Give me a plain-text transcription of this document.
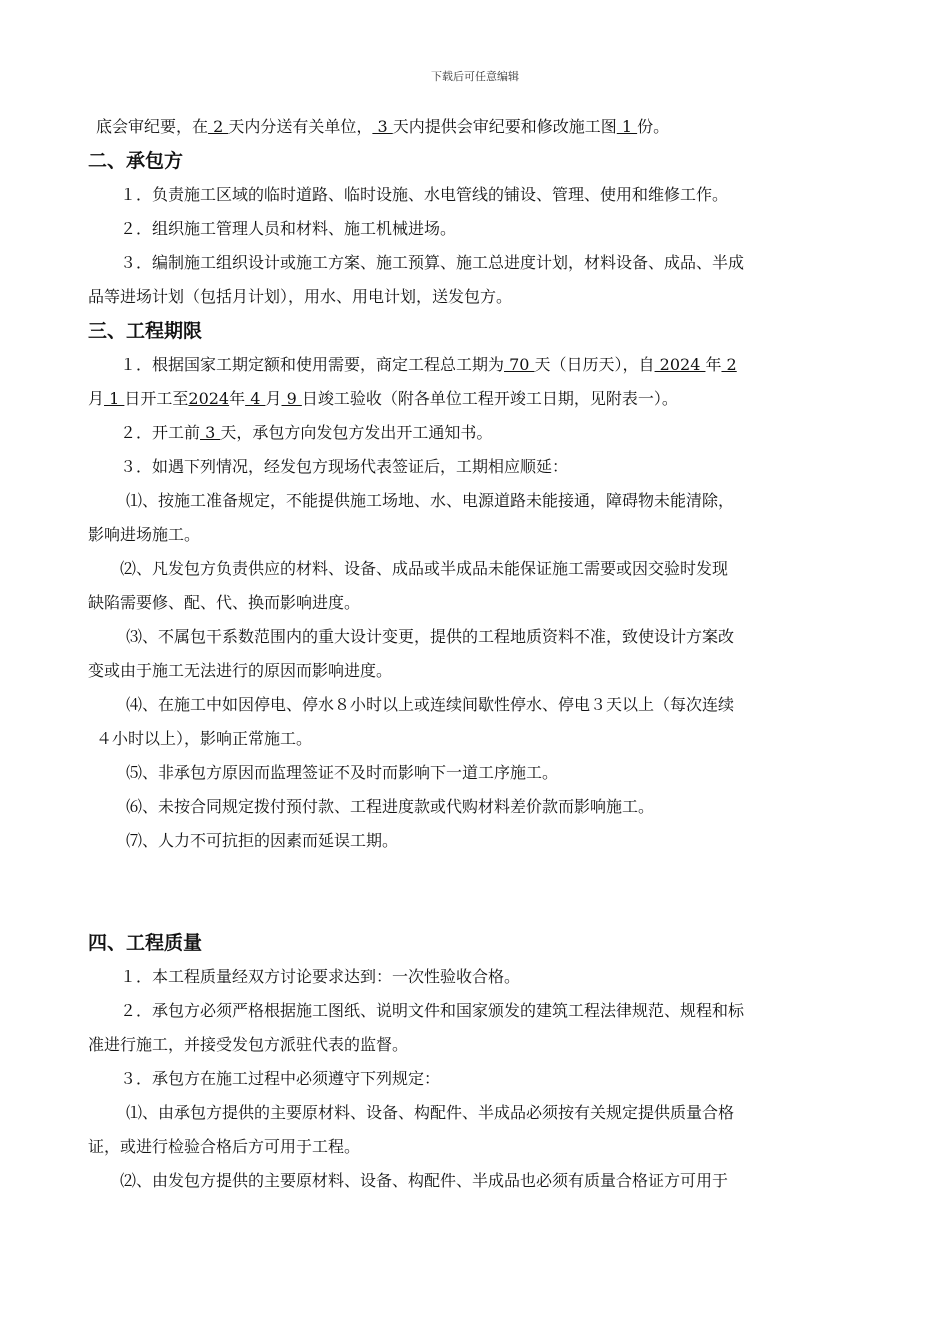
下载后可任意编辑

底会审纪要，在 2 天内分送有关单位， 3 天内提供会审纪要和修改施工图 1 份。

二、承包方

１．负责施工区域的临时道路、临时设施、水电管线的铺设、管理、使用和维修工作。

２．组织施工管理人员和材料、施工机械进场。

３．编制施工组织设计或施工方案、施工预算、施工总进度计划，材料设备、成品、半成

品等进场计划（包括月计划），用水、用电计划，送发包方。

三、工程期限

１．根据国家工期定额和使用需要，商定工程总工期为 70 天（日历天），自 2024 年 2

月 1 日开工至2024年 4 月 9 日竣工验收（附各单位工程开竣工日期，见附表一）。

２．开工前 3 天，承包方向发包方发出开工通知书。

３．如遇下列情况，经发包方现场代表签证后，工期相应顺延：

⑴、按施工准备规定，不能提供施工场地、水、电源道路未能接通，障碍物未能清除，

影响进场施工。

⑵、凡发包方负责供应的材料、设备、成品或半成品未能保证施工需要或因交验时发现

缺陷需要修、配、代、换而影响进度。

⑶、不属包干系数范围内的重大设计变更，提供的工程地质资料不准，致使设计方案改

变或由于施工无法进行的原因而影响进度。

⑷、在施工中如因停电、停水８小时以上或连续间歇性停水、停电３天以上（每次连续

４小时以上），影响正常施工。

⑸、非承包方原因而监理签证不及时而影响下一道工序施工。

⑹、未按合同规定拨付预付款、工程进度款或代购材料差价款而影响施工。

⑺、人力不可抗拒的因素而延误工期。

四、工程质量

１．本工程质量经双方讨论要求达到：一次性验收合格。

２．承包方必须严格根据施工图纸、说明文件和国家颁发的建筑工程法律规范、规程和标

准进行施工，并接受发包方派驻代表的监督。

３．承包方在施工过程中必须遵守下列规定：

⑴、由承包方提供的主要原材料、设备、构配件、半成品必须按有关规定提供质量合格

证，或进行检验合格后方可用于工程。

⑵、由发包方提供的主要原材料、设备、构配件、半成品也必须有质量合格证方可用于
